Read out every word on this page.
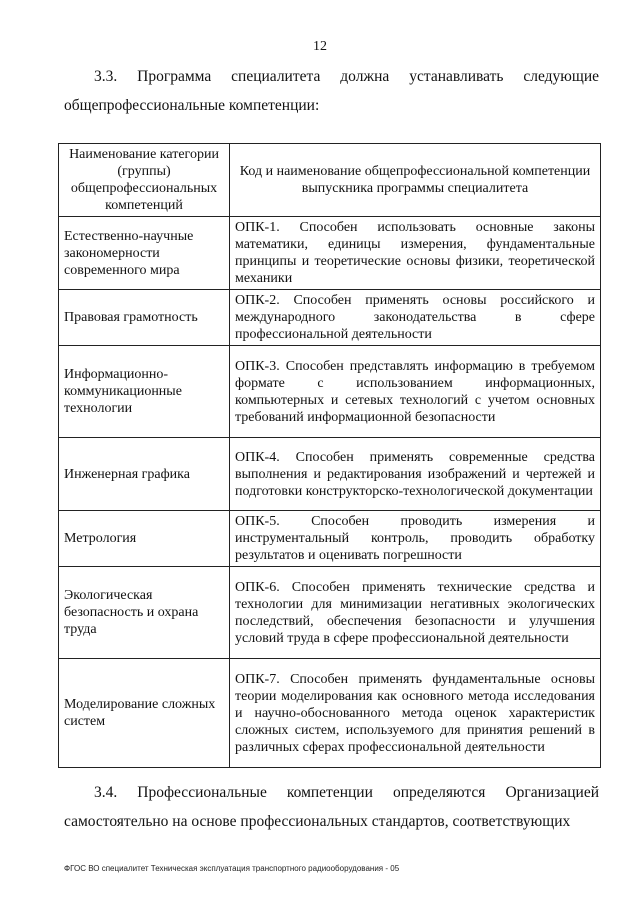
12
3.3. Программа специалитета должна устанавливать следующие
общепрофессиональные компетенции:
Наименование категории (группы) общепрофессиональных компетенций	Код и наименование общепрофессиональной компетенции выпускника программы специалитета
Естественно-научные закономерности современного мира	ОПК-1. Способен использовать основные законы математики, единицы измерения, фундаментальные принципы и теоретические основы физики, теоретической механики
Правовая грамотность	ОПК-2. Способен применять основы российского и международного законодательства в сфере профессиональной деятельности
Информационно-коммуникационные технологии	ОПК-3. Способен представлять информацию в требуемом формате с использованием информационных, компьютерных и сетевых технологий с учетом основных требований информационной безопасности
Инженерная графика	ОПК-4. Способен применять современные средства выполнения и редактирования изображений и чертежей и подготовки конструкторско-технологической документации
Метрология	ОПК-5. Способен проводить измерения и инструментальный контроль, проводить обработку результатов и оценивать погрешности
Экологическая безопасность и охрана труда	ОПК-6. Способен применять технические средства и технологии для минимизации негативных экологических последствий, обеспечения безопасности и улучшения условий труда в сфере профессиональной деятельности
Моделирование сложных систем	ОПК-7. Способен применять фундаментальные основы теории моделирования как основного метода исследования и научно-обоснованного метода оценок характеристик сложных систем, используемого для принятия решений в различных сферах профессиональной деятельности
3.4. Профессиональные компетенции определяются Организацией
самостоятельно на основе профессиональных стандартов, соответствующих
ФГОС ВО специалитет Техническая эксплуатация транспортного радиооборудования - 05
